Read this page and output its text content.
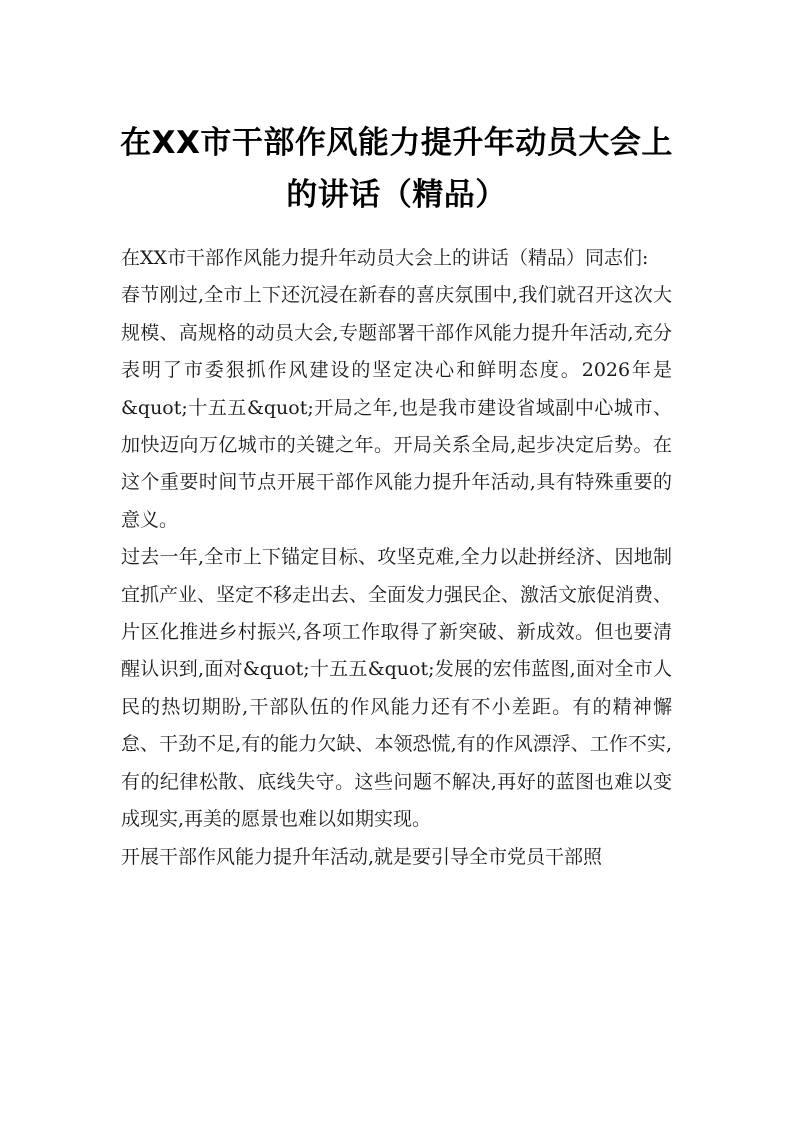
在XX市干部作风能力提升年动员大会上的讲话（精品）

在XX市干部作风能力提升年动员大会上的讲话（精品）同志们:

春节刚过,全市上下还沉浸在新春的喜庆氛围中,我们就召开这次大规模、高规格的动员大会,专题部署干部作风能力提升年活动,充分表明了市委狠抓作风建设的坚定决心和鲜明态度。2026年是&quot;十五五&quot;开局之年,也是我市建设省域副中心城市、加快迈向万亿城市的关键之年。开局关系全局,起步决定后势。在这个重要时间节点开展干部作风能力提升年活动,具有特殊重要的意义。

过去一年,全市上下锚定目标、攻坚克难,全力以赴拼经济、因地制宜抓产业、坚定不移走出去、全面发力强民企、激活文旅促消费、片区化推进乡村振兴,各项工作取得了新突破、新成效。但也要清醒认识到,面对&quot;十五五&quot;发展的宏伟蓝图,面对全市人民的热切期盼,干部队伍的作风能力还有不小差距。有的精神懈怠、干劲不足,有的能力欠缺、本领恐慌,有的作风漂浮、工作不实,有的纪律松散、底线失守。这些问题不解决,再好的蓝图也难以变成现实,再美的愿景也难以如期实现。

开展干部作风能力提升年活动,就是要引导全市党员干部照
